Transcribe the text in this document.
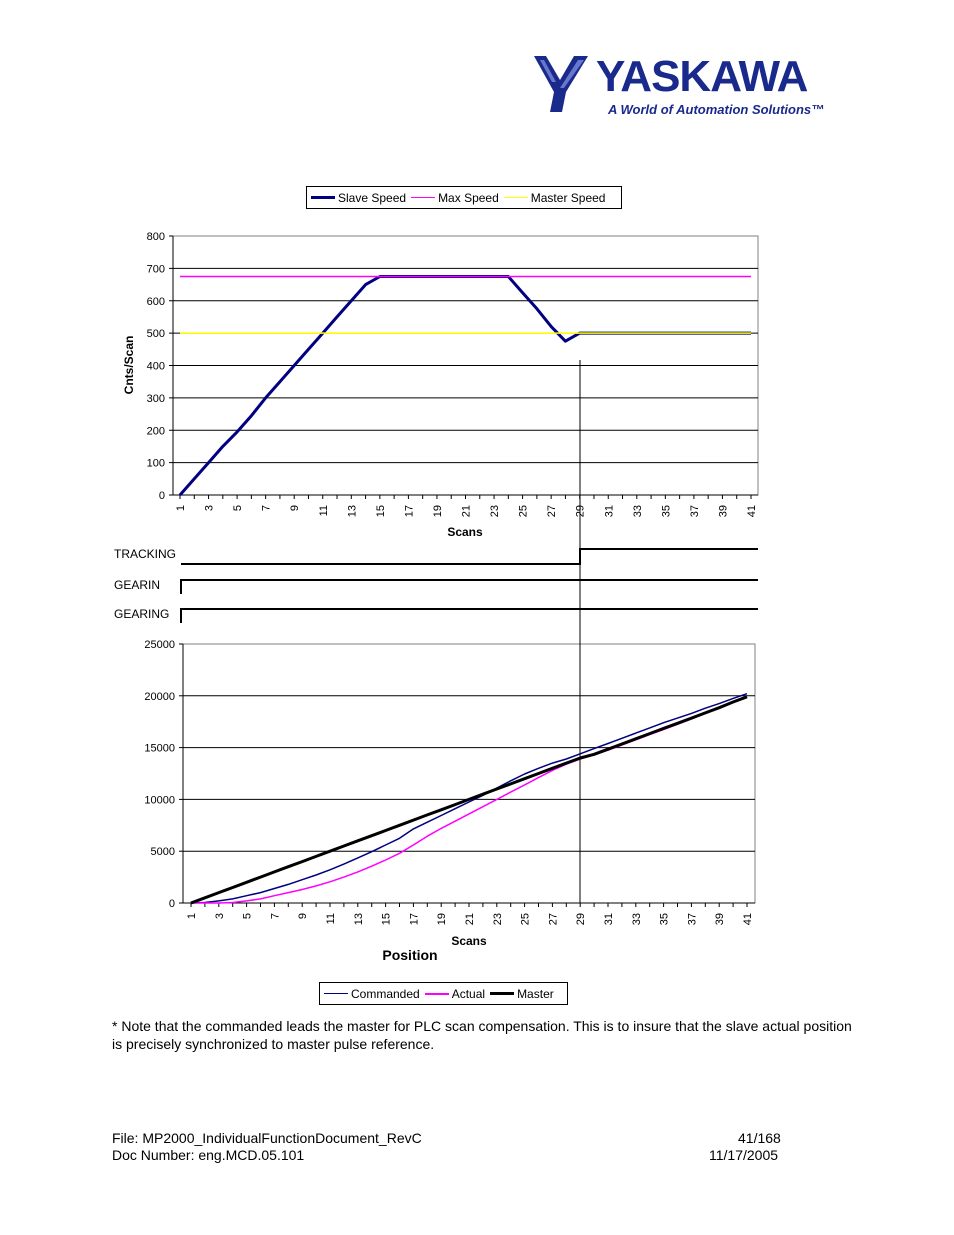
YASKAWA
A World of Automation Solutions™
Slave Speed	Max Speed	Master Speed
Commanded	Actual	Master
0
100
200
300
400
500
600
700
800
1 3 5 7 9 11 13 15 17 19 21 23 25 27 29 31 33 35 37 39 41
Cnts/Scan
Scans
0
5000
10000
15000
20000
25000
1 3 5 7 9 11 13 15 17 19 21 23 25 27 29 31 33 35 37 39 41
Scans
Position
TRACKING
GEARIN
GEARING
* Note that the commanded leads the master for PLC scan compensation. This is to insure that the slave actual position is precisely synchronized to master pulse reference.
File: MP2000_IndividualFunctionDocument_RevC
Doc Number: eng.MCD.05.101
41/168
11/17/2005
